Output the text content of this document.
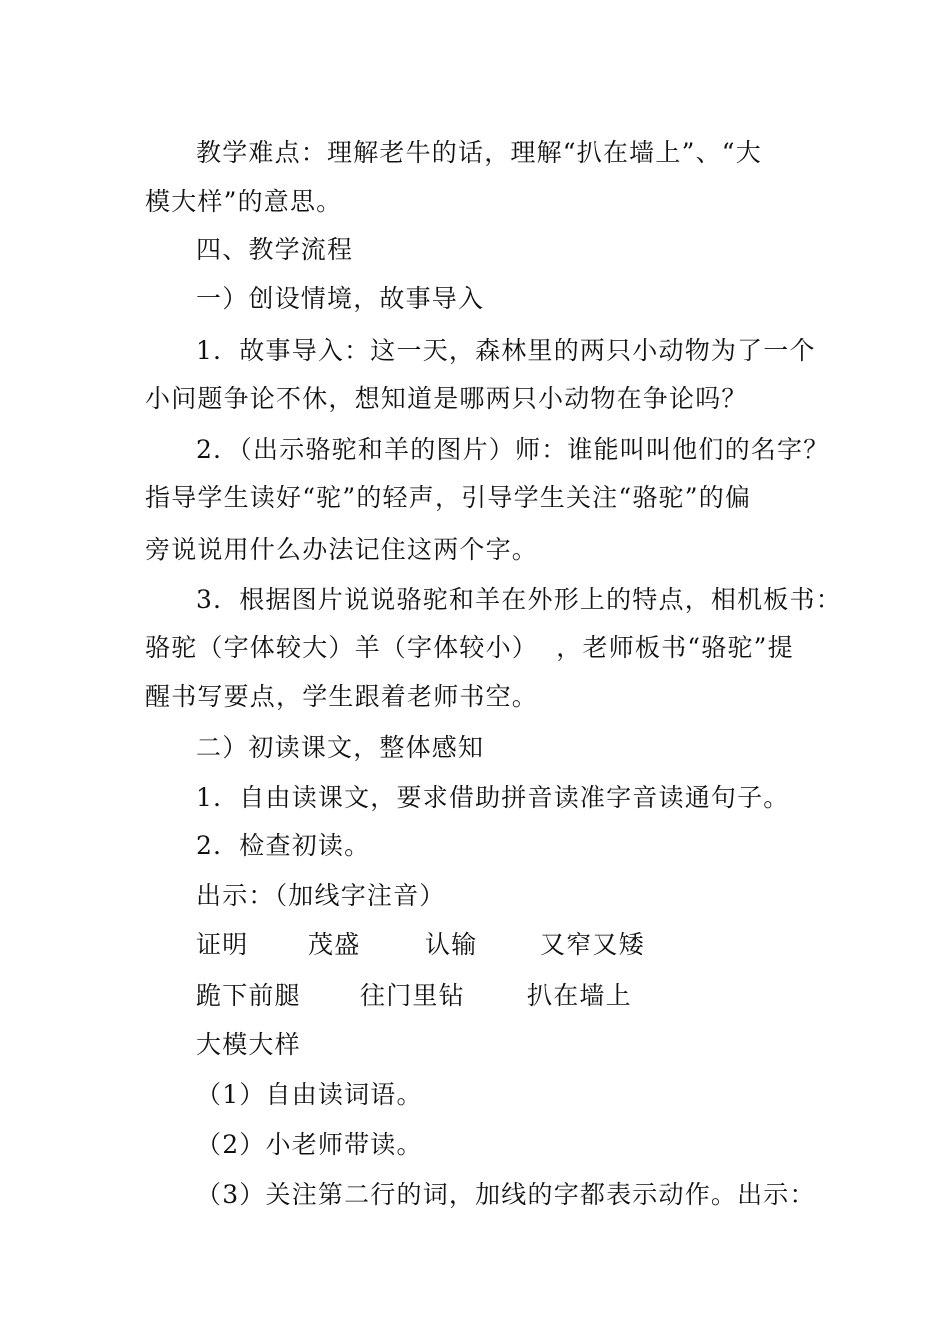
教学难点：理解老牛的话，理解“扒在墙上”、“大
模大样”的意思。
四、教学流程
一）创设情境，故事导入
1．故事导入：这一天，森林里的两只小动物为了一个
小问题争论不休，想知道是哪两只小动物在争论吗？
2．（出示骆驼和羊的图片）师：谁能叫叫他们的名字？
指导学生读好“驼”的轻声，引导学生关注“骆驼”的偏
旁说说用什么办法记住这两个字。
3．根据图片说说骆驼和羊在外形上的特点，相机板书：
骆驼（字体较大）羊（字体较小）  ，老师板书“骆驼”提
醒书写要点，学生跟着老师书空。
二）初读课文，整体感知
1．自由读课文，要求借助拼音读准字音读通句子。
2．检查初读。
出示：（加线字注音）
证明 茂盛	认输	又窄又矮
跪下前腿 往门里钻 扒在墙上
大模大样
（1）自由读词语。
（2）小老师带读。
（3）关注第二行的词，加线的字都表示动作。出示：
